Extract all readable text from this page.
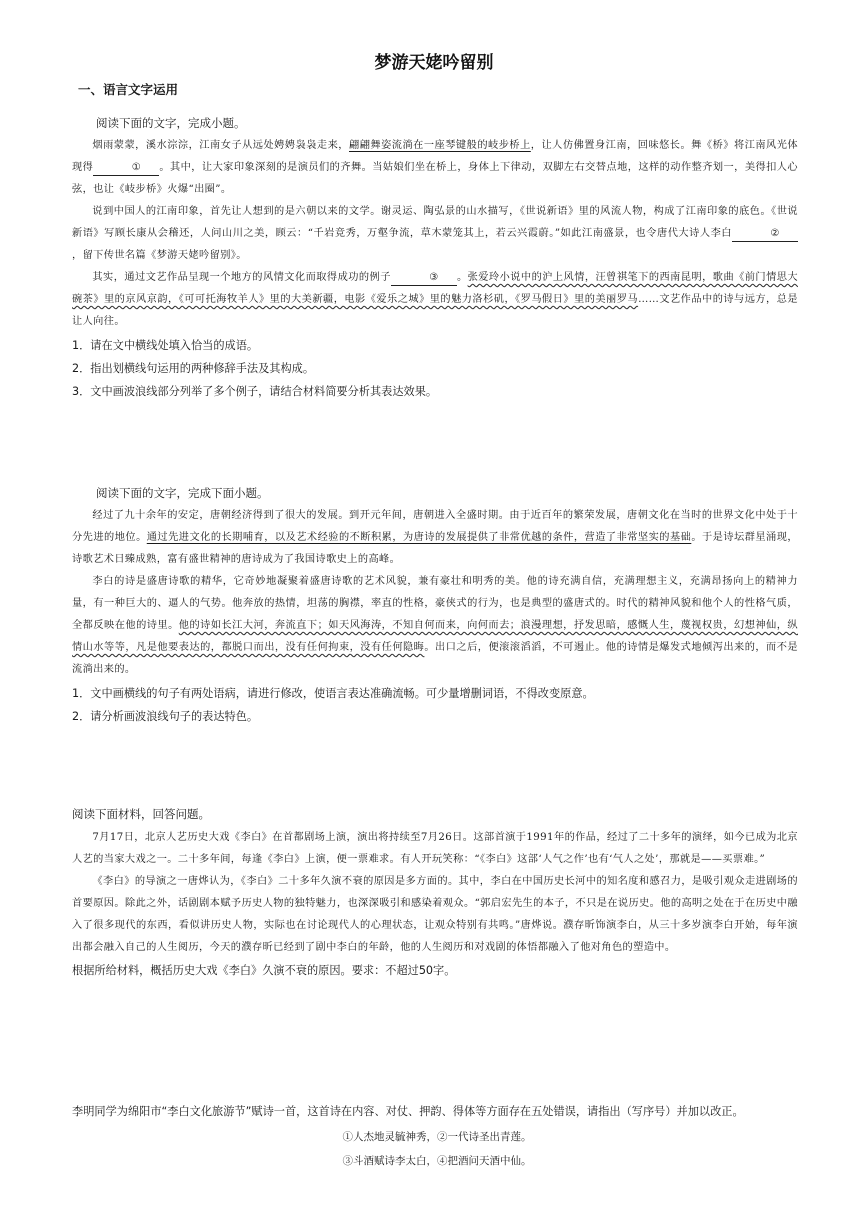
梦游天姥吟留别
一、语言文字运用

阅读下面的文字，完成小题。

烟雨蒙蒙，溪水淙淙，江南女子从远处娉娉袅袅走来，翩翩舞姿流淌在一座琴键般的岐步桥上，让人仿佛置身江南，回味悠长。舞《桥》将江南风光体现得	① 。其中，让大家印象深刻的是演员们的齐舞。当姑娘们坐在桥上，身体上下律动，双脚左右交替点地，这样的动作整齐划一，美得扣人心弦，也让《岐步桥》火爆“出圈”。

说到中国人的江南印象，首先让人想到的是六朝以来的文学。谢灵运、陶弘景的山水描写，《世说新语》里的风流人物，构成了江南印象的底色。《世说新语》写顾长康从会稽还，人问山川之美，顾云：“千岩竞秀，万壑争流，草木蒙笼其上，若云兴霞蔚。”如此江南盛景，也令唐代大诗人李白	②，留下传世名篇《梦游天姥吟留别》。

其实，通过文艺作品呈现一个地方的风情文化而取得成功的例子	③ 。张爱玲小说中的沪上风情，汪曾祺笔下的西南昆明，歌曲《前门情思大碗茶》里的京风京韵，《可可托海牧羊人》里的大美新疆，电影《爱乐之城》里的魅力洛杉矶，《罗马假日》里的美丽罗马……文艺作品中的诗与远方，总是让人向往。

1．请在文中横线处填入恰当的成语。

2．指出划横线句运用的两种修辞手法及其构成。

3．文中画波浪线部分列举了多个例子，请结合材料简要分析其表达效果。

阅读下面的文字，完成下面小题。

经过了九十余年的安定，唐朝经济得到了很大的发展。到开元年间，唐朝进入全盛时期。由于近百年的繁荣发展，唐朝文化在当时的世界文化中处于十分先进的地位。通过先进文化的长期哺育，以及艺术经验的不断积累，为唐诗的发展提供了非常优越的条件，营造了非常坚实的基础。于是诗坛群星涌现，诗歌艺术日臻成熟，富有盛世精神的唐诗成为了我国诗歌史上的高峰。

李白的诗是盛唐诗歌的精华，它奇妙地凝聚着盛唐诗歌的艺术风貌，兼有豪壮和明秀的美。他的诗充满自信，充满理想主义，充满昂扬向上的精神力量，有一种巨大的、逼人的气势。他奔放的热情，坦荡的胸襟，率直的性格，豪侠式的行为，也是典型的盛唐式的。时代的精神风貌和他个人的性格气质，全都反映在他的诗里。他的诗如长江大河，奔流直下；如天风海涛，不知自何而来，向何而去；浪漫理想，抒发思暗，感慨人生，蔑视权贵，幻想神仙，纵情山水等等，凡是他要表达的，都脱口而出，没有任何拘束，没有任何隐晦。出口之后，便滚滚滔滔，不可遏止。他的诗情是爆发式地倾泻出来的，而不是流淌出来的。

1．文中画横线的句子有两处语病，请进行修改，使语言表达准确流畅。可少量增删词语，不得改变原意。

2．请分析画波浪线句子的表达特色。

阅读下面材料，回答问题。

7月17日，北京人艺历史大戏《李白》在首都剧场上演，演出将持续至7月26日。这部首演于1991年的作品，经过了二十多年的演绎，如今已成为北京人艺的当家大戏之一。二十多年间，每逢《李白》上演，便一票难求。有人开玩笑称：“《李白》这部‘人气之作’也有‘气人之处’，那就是——买票难。”

《李白》的导演之一唐烨认为，《李白》二十多年久演不衰的原因是多方面的。其中，李白在中国历史长河中的知名度和感召力，是吸引观众走进剧场的首要原因。除此之外，话剧剧本赋予历史人物的独特魅力，也深深吸引和感染着观众。“郭启宏先生的本子，不只是在说历史。他的高明之处在于在历史中融入了很多现代的东西，看似讲历史人物，实际也在讨论现代人的心理状态，让观众特别有共鸣。”唐烨说。濮存昕饰演李白，从三十多岁演李白开始，每年演出都会融入自己的人生阅历，今天的濮存昕已经到了剧中李白的年龄，他的人生阅历和对戏剧的体悟都融入了他对角色的塑造中。

根据所给材料，概括历史大戏《李白》久演不衰的原因。要求：不超过50字。

李明同学为绵阳市“李白文化旅游节”赋诗一首，这首诗在内容、对仗、押韵、得体等方面存在五处错误，请指出（写序号）并加以改正。

①人杰地灵毓神秀，②一代诗圣出青莲。

③斗酒赋诗李太白，④把酒问天酒中仙。
